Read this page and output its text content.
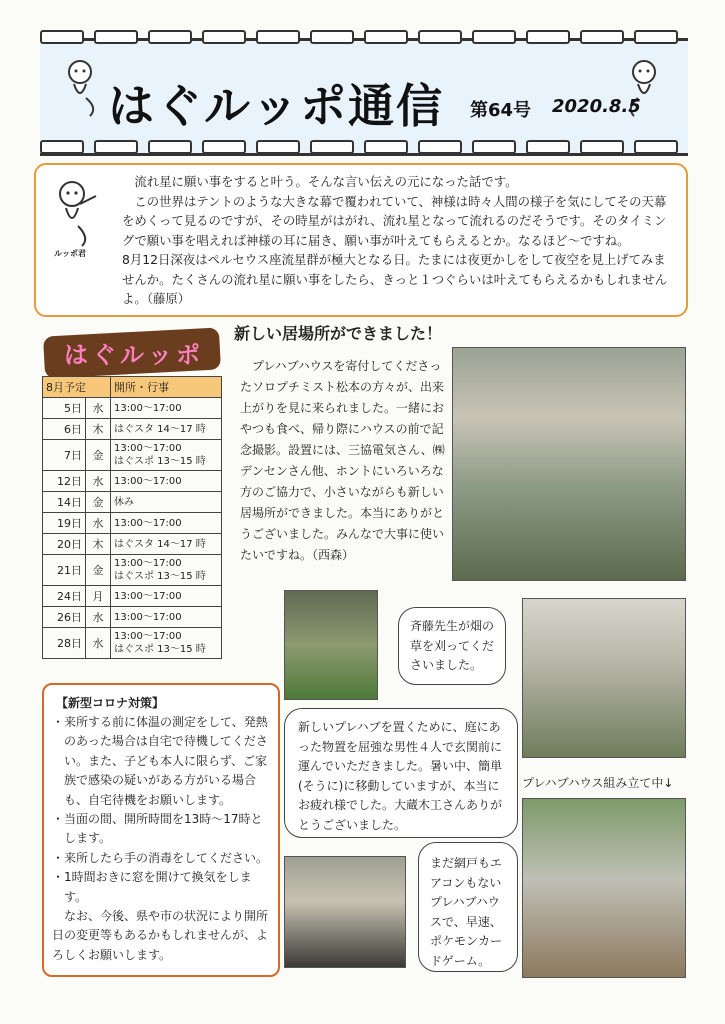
はぐルッポ通信 第64号 2020.8.5
ルッポ君

流れ星に願い事をすると叶う。そんな言い伝えの元になった話です。

この世界はテントのような大きな幕で覆われていて、神様は時々人間の様子を気にしてその天幕をめくって見るのですが、その時星がはがれ、流れ星となって流れるのだそうです。そのタイミングで願い事を唱えれば神様の耳に届き、願い事が叶えてもらえるとか。なるほど～ですね。

8月12日深夜はペルセウス座流星群が極大となる日。たまには夜更かしをして夜空を見上げてみませんか。たくさんの流れ星に願い事をしたら、きっと１つぐらいは叶えてもらえるかもしれませんよ。（藤原）

はぐルッポ
8月予定		開所・行事
5日	水	13:00～17:00
6日	木	はぐスタ 14～17 時
7日	金	13:00～17:00
はぐスポ 13～15 時
12日	水	13:00～17:00
14日	金	休み
19日	水	13:00～17:00
20日	木	はぐスタ 14～17 時
21日	金	13:00～17:00
はぐスポ 13～15 時
24日	月	13:00～17:00
26日	水	13:00～17:00
28日	水	13:00～17:00
はぐスポ 13～15 時
【新型コロナ対策】

・来所する前に体温の測定をして、発熱のあった場合は自宅で待機してください。また、子ども本人に限らず、ご家族で感染の疑いがある方がいる場合も、自宅待機をお願いします。

・当面の間、開所時間を13時～17時とします。

・来所したら手の消毒をしてください。

・1時間おきに窓を開けて換気をします。

なお、今後、県や市の状況により開所日の変更等もあるかもしれませんが、よろしくお願いします。

新しい居場所ができました！

プレハブハウスを寄付してくださったソロプチミスト松本の方々が、出来上がりを見に来られました。一緒におやつも食べ、帰り際にハウスの前で記念撮影。設置には、三協電気さん、㈱デンセンさん他、ホントにいろいろな方のご協力で、小さいながらも新しい居場所ができました。本当にありがとうございました。みんなで大事に使いたいですね。（西森）

斉藤先生が畑の草を刈ってくださいました。
新しいプレハブを置くために、庭にあった物置を屈強な男性４人で玄関前に運んでいただきました。暑い中、簡単(そうに)に移動していますが、本当にお疲れ様でした。大蔵木工さんありがとうございました。
まだ網戸もエアコンもないプレハブハウスで、早速、ポケモンカードゲーム。
プレハブハウス組み立て中↓
